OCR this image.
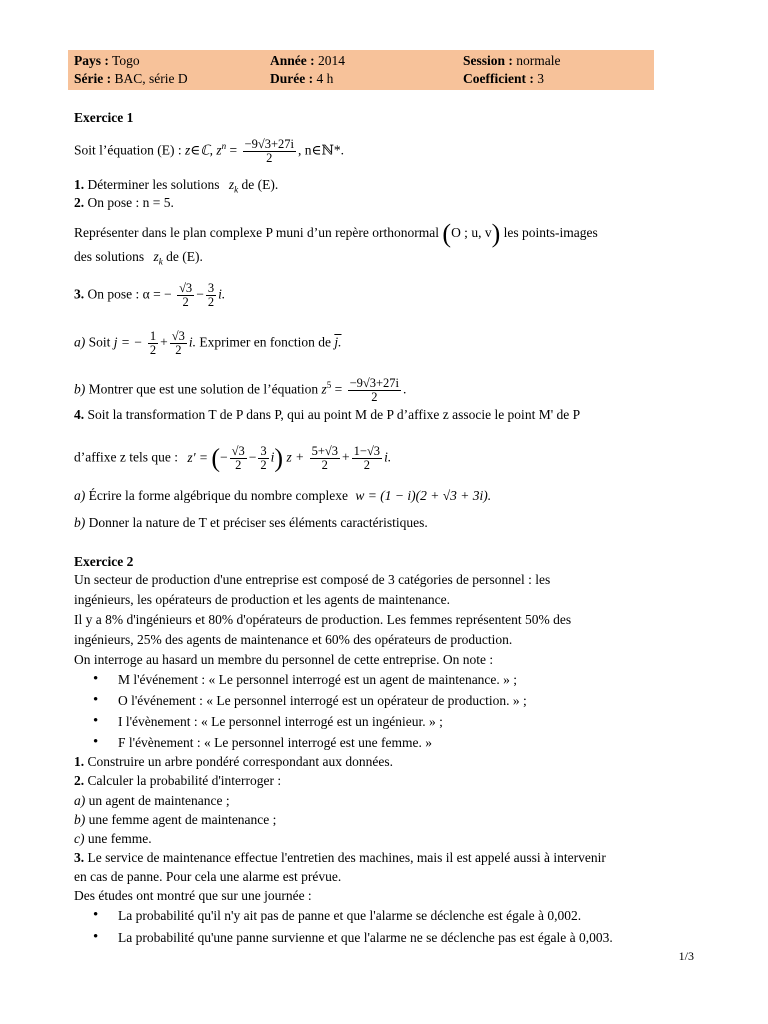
Pays : Togo	Année : 2014	Session : normale
Série : BAC, série D	Durée : 4 h	Coefficient : 3
Exercice 1
Soit l’équation (E) : z∈ℂ, $z^n = \frac{-9√3+27i}{2}$ , n∈ℕ*.
1. Déterminer les solutions $z_k$ de (E).
2. On pose : n = 5.
Représenter dans le plan complexe P muni d’un repère orthonormal (O ; u, v) les points-images
des solutions $z_k$ de (E).
3. On pose : α = − $\frac{√3}{2} - \frac{3}{2} i$.
a) Soit j = − $\frac{1}{2} + \frac{√3}{2} i$. Exprimer en fonction de j.
b) Montrer que est une solution de l’équation $z^5 = \frac{-9√3+27i}{2}$ .
4. Soit la transformation T de P dans P, qui au point M de P d’affixe z associe le point M' de P
d’affixe z tels que : z' = (− $\frac{√3}{2} - \frac{3}{2} i$) $z + \frac{5+√3}{2} + \frac{1-√3}{2} i$.
a) Écrire la forme algébrique du nombre complexe w = (1 − i)(2 + √3 + 3i).
b) Donner la nature de T et préciser ses éléments caractéristiques.
Exercice 2
Un secteur de production d'une entreprise est composé de 3 catégories de personnel : les
ingénieurs, les opérateurs de production et les agents de maintenance.
Il y a 8% d'ingénieurs et 80% d'opérateurs de production. Les femmes représentent 50% des
ingénieurs, 25% des agents de maintenance et 60% des opérateurs de production.
On interroge au hasard un membre du personnel de cette entreprise. On note :
•
M l'événement : « Le personnel interrogé est un agent de maintenance. » ;
•
O l'événement : « Le personnel interrogé est un opérateur de production. » ;
•
I l'évènement : « Le personnel interrogé est un ingénieur. » ;
•
F l'évènement : « Le personnel interrogé est une femme. »
1. Construire un arbre pondéré correspondant aux données.
2. Calculer la probabilité d'interroger :
a) un agent de maintenance ;
b) une femme agent de maintenance ;
c) une femme.
3. Le service de maintenance effectue l'entretien des machines, mais il est appelé aussi à intervenir
en cas de panne. Pour cela une alarme est prévue.
Des études ont montré que sur une journée :
•
La probabilité qu'il n'y ait pas de panne et que l'alarme se déclenche est égale à 0,002.
•
La probabilité qu'une panne survienne et que l'alarme ne se déclenche pas est égale à 0,003.
1/3
